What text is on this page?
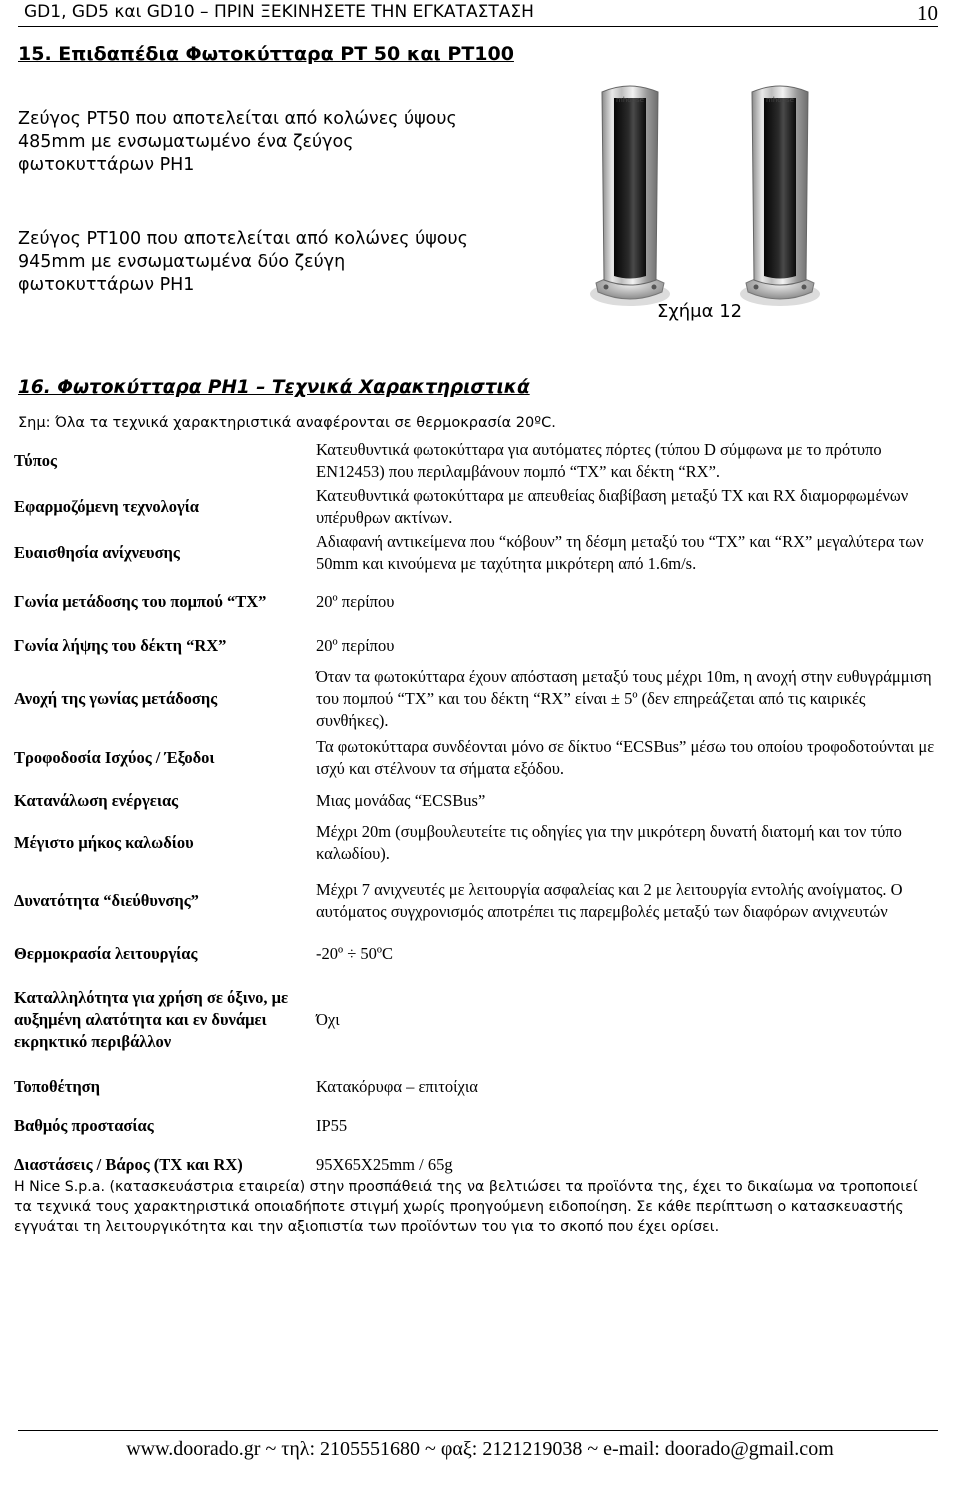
GD1, GD5 και GD10 – ΠΡΙΝ ΞΕΚΙΝΗΣΕΤΕ ΤΗΝ ΕΓΚΑΤΑΣΤΑΣΗ	10
15. Επιδαπέδια Φωτοκύτταρα PT 50 και PT100
Ζεύγος PT50 που αποτελείται από κολώνες ύψους 485mm με ενσωματωμένο ένα ζεύγος φωτοκυττάρων PH1
Ζεύγος PT100 που αποτελείται από κολώνες ύψους 945mm με ενσωματωμένα δύο ζεύγη φωτοκυττάρων PH1
mhouse	mhouse
Σχήμα 12
16. Φωτοκύτταρα PH1 – Τεχνικά Χαρακτηριστικά
Σημ: Όλα τα τεχνικά χαρακτηριστικά αναφέρονται σε θερμοκρασία 20ºC.
Τύπος	Κατευθυντικά φωτοκύτταρα για αυτόματες πόρτες (τύπου D σύμφωνα με το πρότυπο EN12453) που περιλαμβάνουν πομπό “TX” και δέκτη “RX”.
Εφαρμοζόμενη τεχνολογία	Κατευθυντικά φωτοκύτταρα με απευθείας διαβίβαση μεταξύ TX και RX διαμορφωμένων υπέρυθρων ακτίνων.
Ευαισθησία ανίχνευσης	Αδιαφανή αντικείμενα που “κόβουν” τη δέσμη μεταξύ του “TX” και “RX” μεγαλύτερα των 50mm και κινούμενα με ταχύτητα μικρότερη από 1.6m/s.
Γωνία μετάδοσης του πομπού “TX”	20º περίπου
Γωνία λήψης του δέκτη “RX”	20º περίπου
Ανοχή της γωνίας μετάδοσης	Όταν τα φωτοκύτταρα έχουν απόσταση μεταξύ τους μέχρι 10m, η ανοχή στην ευθυγράμμιση του πομπού “TX” και του δέκτη “RX” είναι ± 5º (δεν επηρεάζεται από τις καιρικές συνθήκες).
Τροφοδοσία Ισχύος / Έξοδοι	Τα φωτοκύτταρα συνδέονται μόνο σε δίκτυο “ECSBus” μέσω του οποίου τροφοδοτούνται με ισχύ και στέλνουν τα σήματα εξόδου.
Κατανάλωση ενέργειας	Μιας μονάδας “ECSBus”
Μέγιστο μήκος καλωδίου	Μέχρι 20m (συμβουλευτείτε τις οδηγίες για την μικρότερη δυνατή διατομή και τον τύπο καλωδίου).
Δυνατότητα “διεύθυνσης”	Μέχρι 7 ανιχνευτές με λειτουργία ασφαλείας και 2 με λειτουργία εντολής ανοίγματος. Ο αυτόματος συγχρονισμός αποτρέπει τις παρεμβολές μεταξύ των διαφόρων ανιχνευτών
Θερμοκρασία λειτουργίας	-20º ÷ 50ºC
Καταλληλότητα για χρήση σε όξινο, με αυξημένη αλατότητα και εν δυνάμει εκρηκτικό περιβάλλον	Όχι
Τοποθέτηση	Κατακόρυφα – επιτοίχια
Βαθμός προστασίας	IP55
Διαστάσεις / Βάρος (TX και RX)	95X65X25mm / 65g
Η Nice S.p.a. (κατασκευάστρια εταιρεία) στην προσπάθειά της να βελτιώσει τα προϊόντα της, έχει το δικαίωμα να τροποποιεί τα τεχνικά τους χαρακτηριστικά οποιαδήποτε στιγμή χωρίς προηγούμενη ειδοποίηση. Σε κάθε περίπτωση ο κατασκευαστής εγγυάται τη λειτουργικότητα και την αξιοπιστία των προϊόντων του για το σκοπό που έχει ορίσει.
www.doorado.gr ~ τηλ: 2105551680 ~ φαξ: 2121219038 ~ e-mail: doorado@gmail.com
